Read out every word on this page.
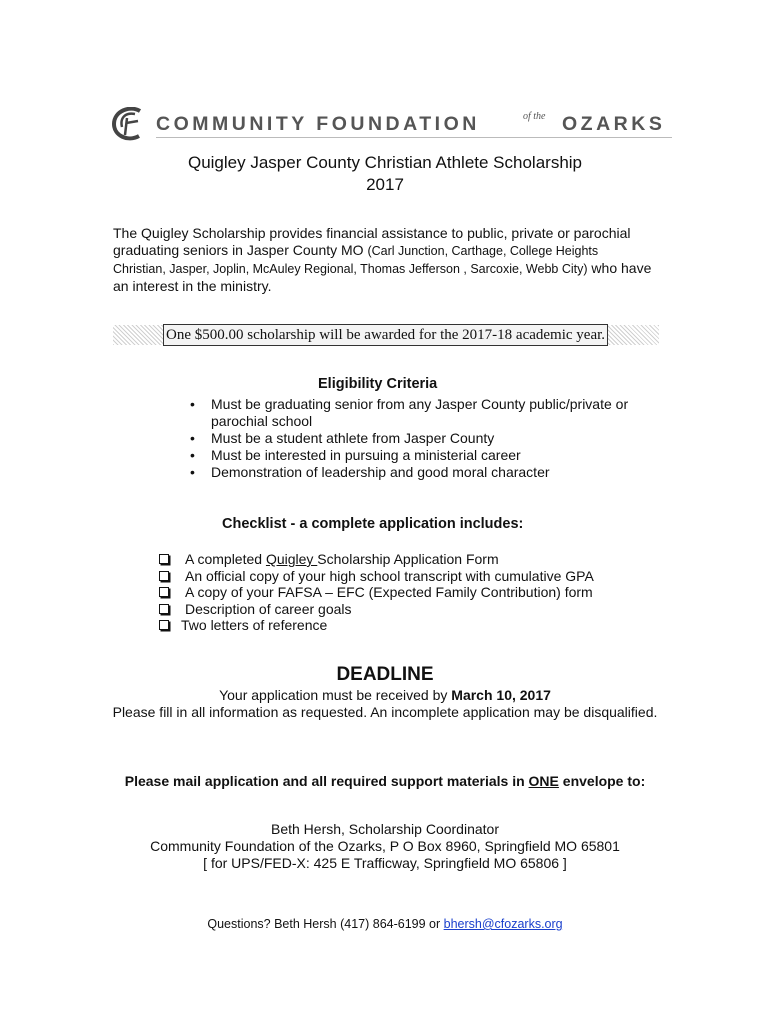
COMMUNITY FOUNDATION	of the OZARKS
Quigley Jasper County Christian Athlete Scholarship
2017
The Quigley Scholarship provides financial assistance to public, private or parochial graduating seniors in Jasper County MO (Carl Junction, Carthage, College Heights Christian, Jasper, Joplin, McAuley Regional, Thomas Jefferson , Sarcoxie, Webb City) who have an interest in the ministry.
One $500.00 scholarship will be awarded for the 2017-18 academic year.
Eligibility Criteria
• Must be graduating senior from any Jasper County public/private or parochial school
• Must be a student athlete from Jasper County
• Must be interested in pursuing a ministerial career
• Demonstration of leadership and good moral character
Checklist - a complete application includes:
A completed Quigley Scholarship Application Form
An official copy of your high school transcript with cumulative GPA
A copy of your FAFSA – EFC (Expected Family Contribution) form
Description of career goals
Two letters of reference
DEADLINE
Your application must be received by March 10, 2017
Please fill in all information as requested. An incomplete application may be disqualified.
Please mail application and all required support materials in ONE envelope to:
Beth Hersh, Scholarship Coordinator
Community Foundation of the Ozarks, P O Box 8960, Springfield MO 65801
[ for UPS/FED-X: 425 E Trafficway, Springfield MO 65806 ]
Questions? Beth Hersh (417) 864-6199 or bhersh@cfozarks.org
